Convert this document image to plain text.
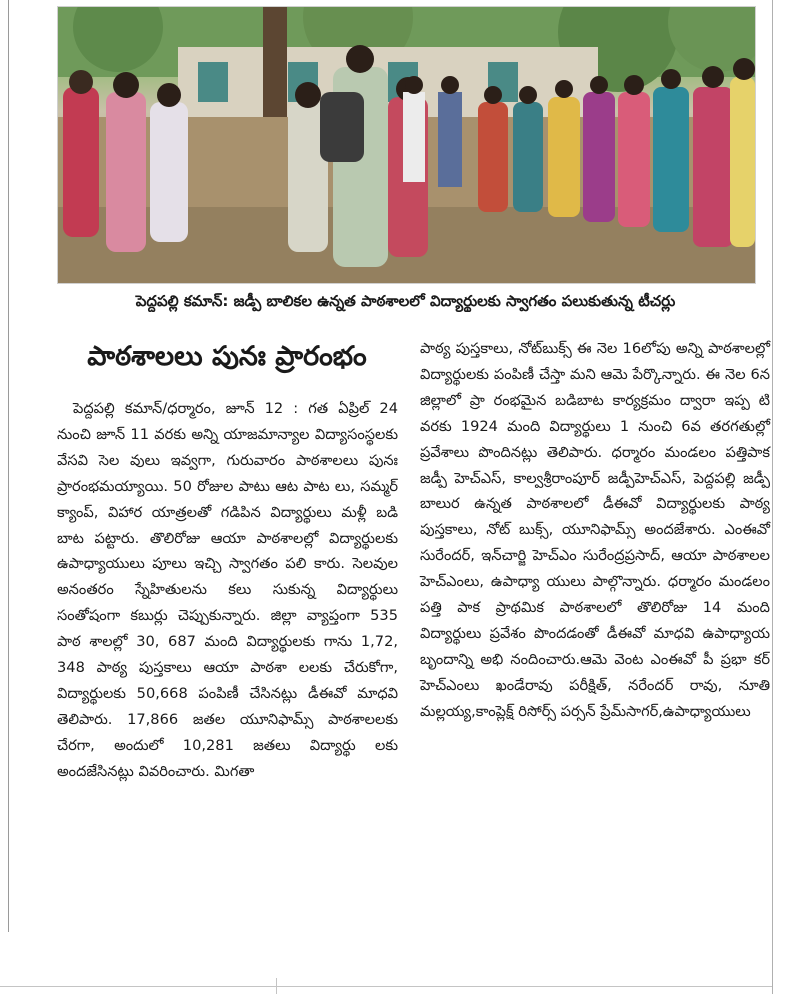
పెద్దపల్లి కమాన్: జడ్పీ బాలికల ఉన్నత పాఠశాలలో విద్యార్థులకు స్వాగతం పలుకుతున్న టీచర్లు
పాఠశాలలు పునః ప్రారంభం

పెద్దపల్లి కమాన్/ధర్మారం, జూన్ 12 : గత ఏప్రిల్ 24 నుంచి జూన్ 11 వరకు అన్ని యాజమాన్యాల విద్యాసంస్థలకు వేసవి సెల వులు ఇవ్వగా, గురువారం పాఠశాలలు పునః ప్రారంభమయ్యాయి. 50 రోజుల పాటు ఆట పాట లు, సమ్మర్ క్యాంప్, విహార యాత్రలతో గడిపిన విద్యార్థులు మళ్లీ బడి బాట పట్టారు. తొలిరోజు ఆయా పాఠశాలల్లో విద్యార్థులకు ఉపాధ్యాయులు పూలు ఇచ్చి స్వాగతం పలి కారు. సెలవుల అనంతరం స్నేహితులను కలు సుకున్న విద్యార్థులు సంతోషంగా కబుర్లు చెప్పుకున్నారు. జిల్లా వ్యాప్తంగా 535 పాఠ శాలల్లో 30, 687 మంది విద్యార్థులకు గాను 1,72, 348 పాఠ్య పుస్తకాలు ఆయా పాఠశా లలకు చేరుకోగా, విద్యార్థులకు 50,668 పంపిణీ చేసినట్లు డీఈవో మాధవి తెలిపారు. 17,866 జతల యూనిఫామ్స్ పాఠశాలలకు చేరగా, అందులో 10,281 జతలు విద్యార్థు లకు అందజేసినట్లు వివరించారు. మిగతా

పాఠ్య పుస్తకాలు, నోట్‌బుక్స్ ఈ నెల 16లోపు అన్ని పాఠశాలల్లో విద్యార్థులకు పంపిణీ చేస్తా మని ఆమె పేర్కొన్నారు. ఈ నెల 6న జిల్లాలో ప్రా రంభమైన బడిబాట కార్యక్రమం ద్వారా ఇప్ప టి వరకు 1924 మంది విద్యార్థులు 1 నుంచి 6వ తరగతుల్లో ప్రవేశాలు పొందినట్లు తెలిపారు. ధర్మారం మండలం పత్తిపాక జడ్పీ హెచ్ఎస్, కాల్వశ్రీరాంపూర్ జడ్పీహెచ్ఎస్, పెద్దపల్లి జడ్పీ బాలుర ఉన్నత పాఠశాలలో డీఈవో విద్యార్థులకు పాఠ్య పుస్తకాలు, నోట్ బుక్స్, యూనిఫామ్స్ అందజేశారు. ఎంఈవో సురేందర్, ఇన్‌చార్జి హెచ్ఎం సురేంద్రప్రసాద్, ఆయా పాఠశాలల హెచ్ఎంలు, ఉపాధ్యా యులు పాల్గొన్నారు. ధర్మారం మండలం పత్తి పాక ప్రాథమిక పాఠశాలలో తొలిరోజు 14 మంది విద్యార్థులు ప్రవేశం పొందడంతో డీఈవో మాధవి ఉపాధ్యాయ బృందాన్ని అభి నందించారు.ఆమె వెంట ఎంఈవో పీ ప్రభా కర్ హెచ్ఎంలు ఖండేరావు పరీక్షిత్, నరేందర్ రావు, నూతి మల్లయ్య,కాంప్లెక్ష్ రిసోర్స్ పర్సన్ ప్రేమ్‌సాగర్,ఉపాధ్యాయులు
